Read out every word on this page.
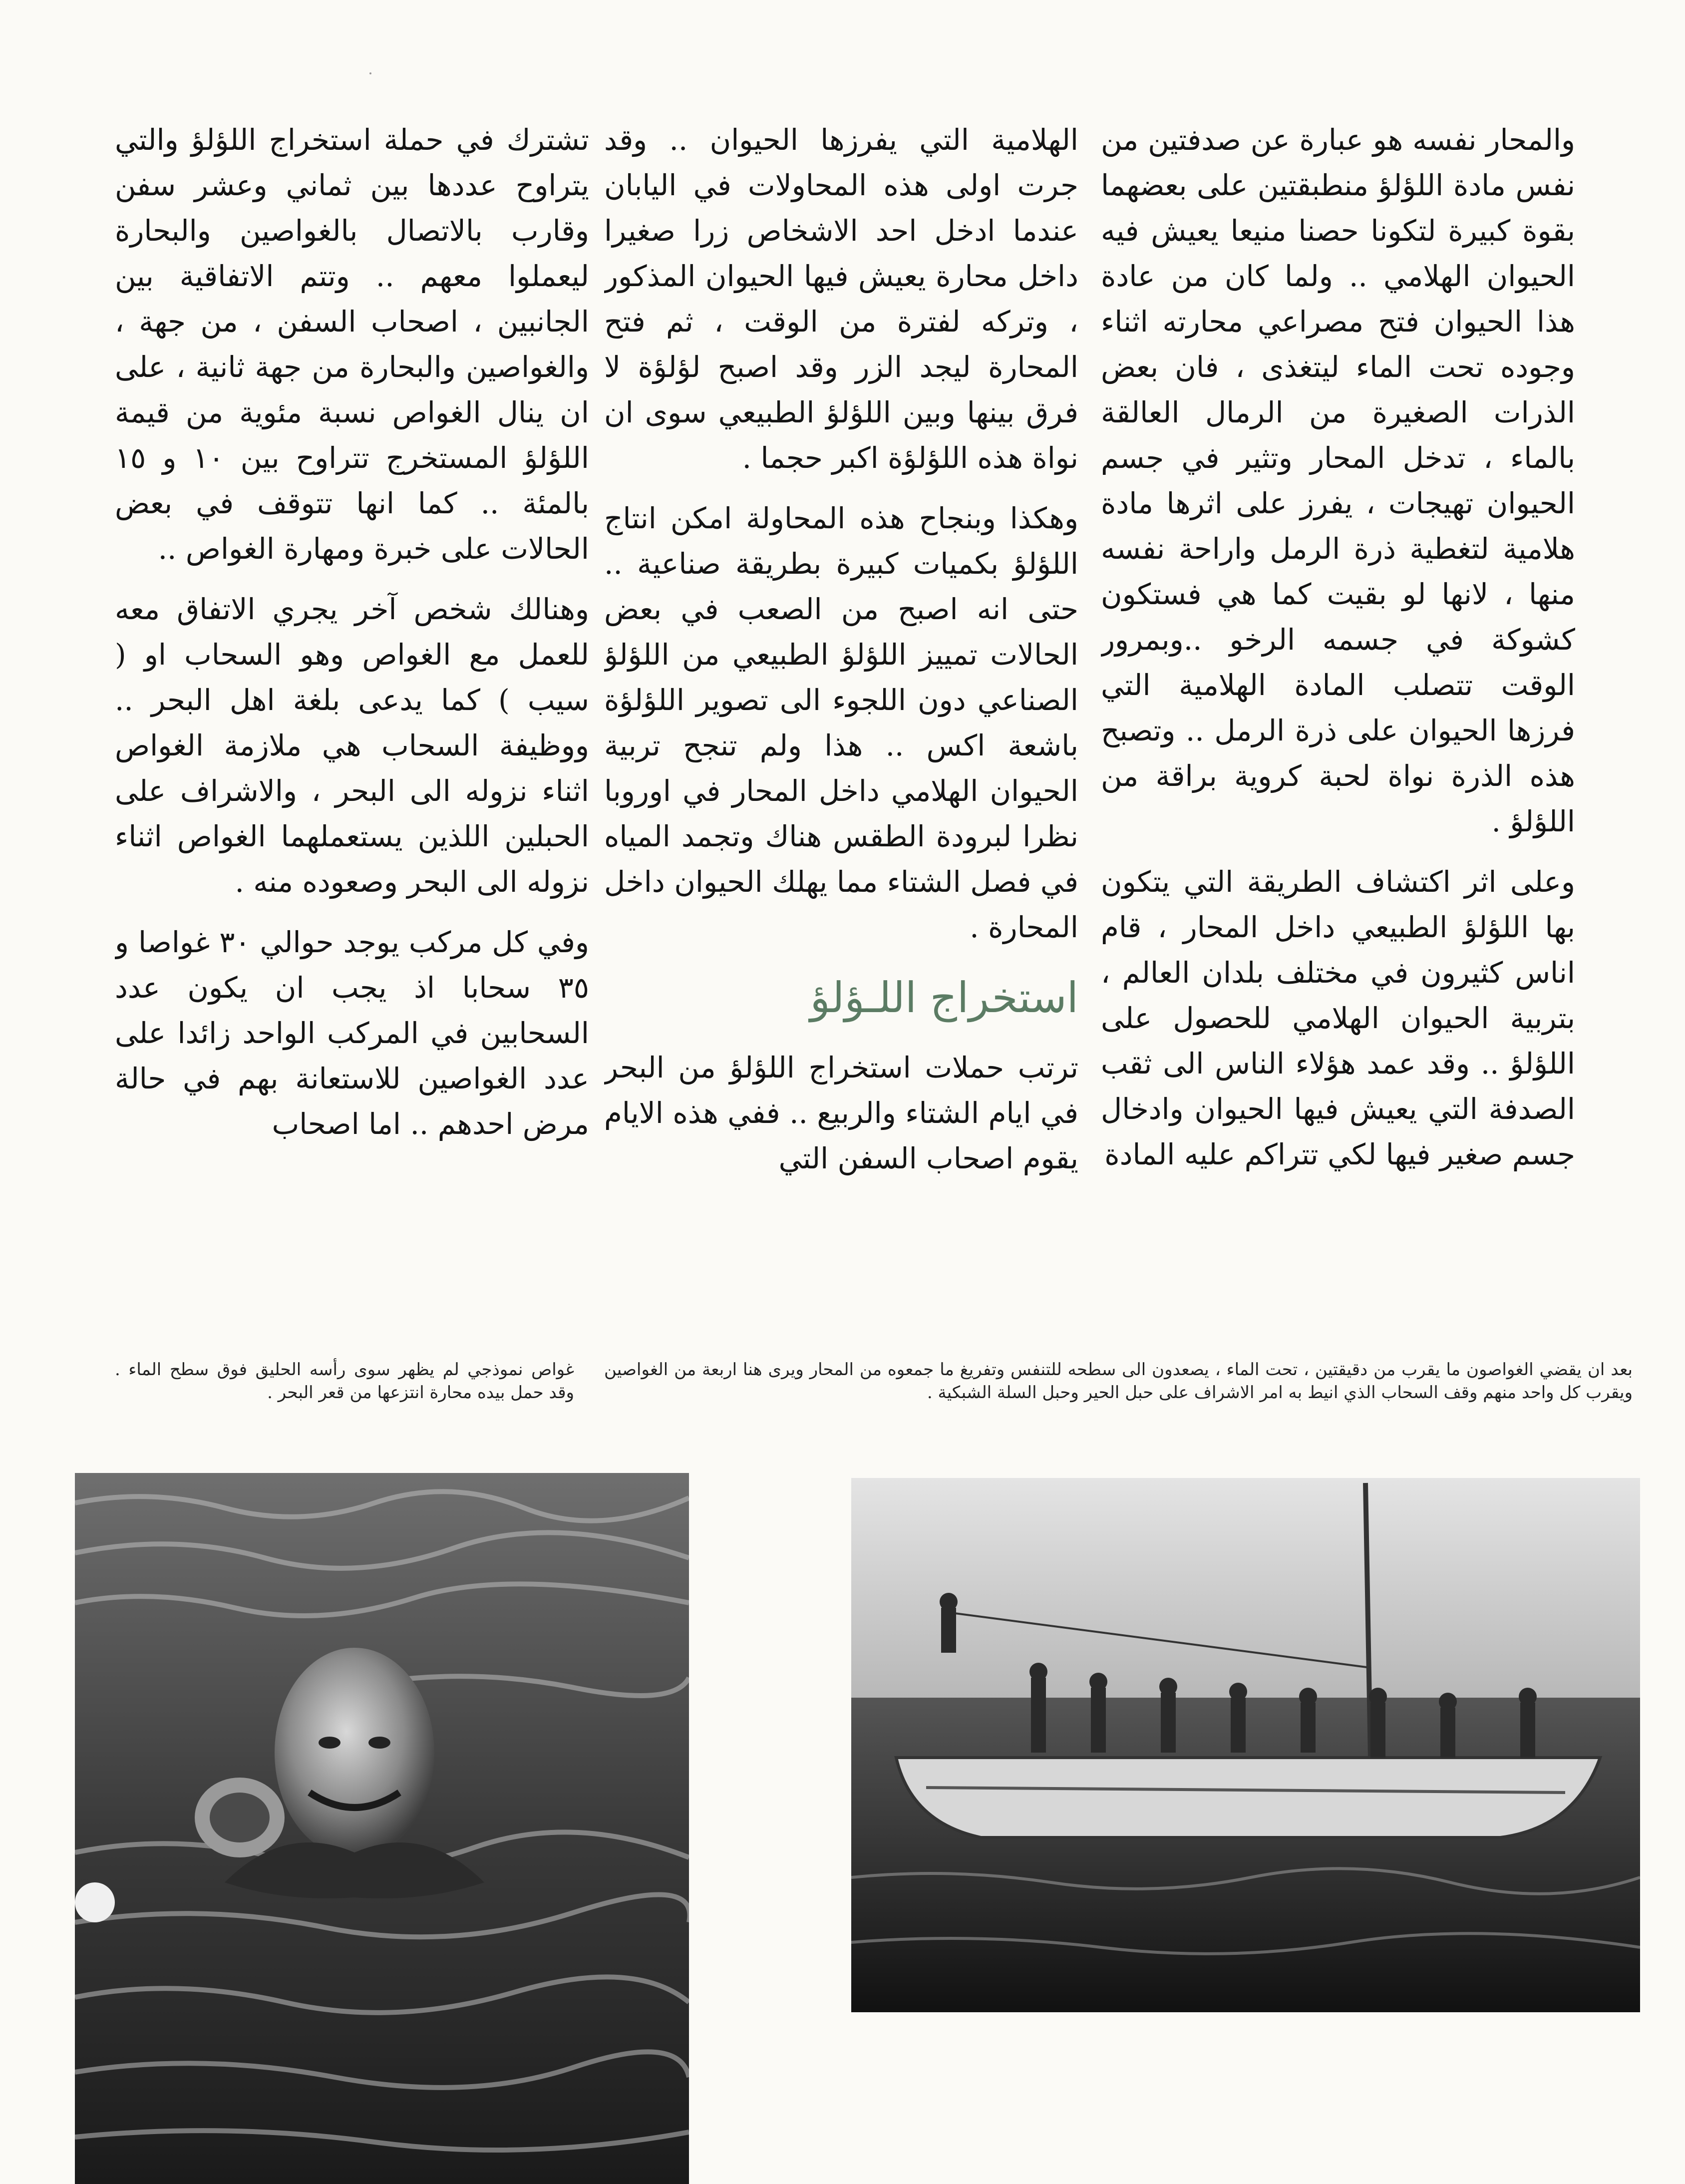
والمحار نفسه هو عبارة عن صدفتين من نفس مادة اللؤلؤ منطبقتين على بعضهما بقوة كبيرة لتكونا حصنا منيعا يعيش فيه الحيوان الهلامي .. ولما كان من عادة هذا الحيوان فتح مصراعي محارته اثناء وجوده تحت الماء ليتغذى ، فان بعض الذرات الصغيرة من الرمال العالقة بالماء ، تدخل المحار وتثير في جسم الحيوان تهيجات ، يفرز على اثرها مادة هلامية لتغطية ذرة الرمل واراحة نفسه منها ، لانها لو بقيت كما هي فستكون كشوكة في جسمه الرخو ..وبمرور الوقت تتصلب المادة الهلامية التي فرزها الحيوان على ذرة الرمل .. وتصبح هذه الذرة نواة لحبة كروية براقة من اللؤلؤ .

وعلى اثر اكتشاف الطريقة التي يتكون بها اللؤلؤ الطبيعي داخل المحار ، قام اناس كثيرون في مختلف بلدان العالم ، بتربية الحيوان الهلامي للحصول على اللؤلؤ .. وقد عمد هؤلاء الناس الى ثقب الصدفة التي يعيش فيها الحيوان وادخال جسم صغير فيها لكي تتراكم عليه المادة

الهلامية التي يفرزها الحيوان .. وقد جرت اولى هذه المحاولات في اليابان عندما ادخل احد الاشخاص زرا صغيرا داخل محارة يعيش فيها الحيوان المذكور ، وتركه لفترة من الوقت ، ثم فتح المحارة ليجد الزر وقد اصبح لؤلؤة لا فرق بينها وبين اللؤلؤ الطبيعي سوى ان نواة هذه اللؤلؤة اكبر حجما .

وهكذا وبنجاح هذه المحاولة امكن انتاج اللؤلؤ بكميات كبيرة بطريقة صناعية .. حتى انه اصبح من الصعب في بعض الحالات تمييز اللؤلؤ الطبيعي من اللؤلؤ الصناعي دون اللجوء الى تصوير اللؤلؤة باشعة اكس .. هذا ولم تنجح تربية الحيوان الهلامي داخل المحار في اوروبا نظرا لبرودة الطقس هناك وتجمد المياه في فصل الشتاء مما يهلك الحيوان داخل المحارة .

استخراج اللـؤلؤ

ترتب حملات استخراج اللؤلؤ من البحر في ايام الشتاء والربيع .. ففي هذه الايام يقوم اصحاب السفن التي

تشترك في حملة استخراج اللؤلؤ والتي يتراوح عددها بين ثماني وعشر سفن وقارب بالاتصال بالغواصين والبحارة ليعملوا معهم .. وتتم الاتفاقية بين الجانبين ، اصحاب السفن ، من جهة ، والغواصين والبحارة من جهة ثانية ، على ان ينال الغواص نسبة مئوية من قيمة اللؤلؤ المستخرج تتراوح بين ١٠ و ١٥ بالمئة .. كما انها تتوقف في بعض الحالات على خبرة ومهارة الغواص ..

وهنالك شخص آخر يجري الاتفاق معه للعمل مع الغواص وهو السحاب او ( سيب ) كما يدعى بلغة اهل البحر .. ووظيفة السحاب هي ملازمة الغواص اثناء نزوله الى البحر ، والاشراف على الحبلين اللذين يستعملهما الغواص اثناء نزوله الى البحر وصعوده منه .

وفي كل مركب يوجد حوالي ٣٠ غواصا و ٣٥ سحابا اذ يجب ان يكون عدد السحابين في المركب الواحد زائدا على عدد الغواصين للاستعانة بهم في حالة مرض احدهم .. اما اصحاب

بعد ان يقضي الغواصون ما يقرب من دقيقتين ، تحت الماء ، يصعدون الى سطحه للتنفس وتفريغ ما جمعوه من المحار ويرى هنا اربعة من الغواصين ويقرب كل واحد منهم وقف السحاب الذي انيط به امر الاشراف على حبل الحير وحبل السلة الشبكية .
غواص نموذجي لم يظهر سوى رأسه الحليق فوق سطح الماء . وقد حمل بيده محارة انتزعها من قعر البحر .
